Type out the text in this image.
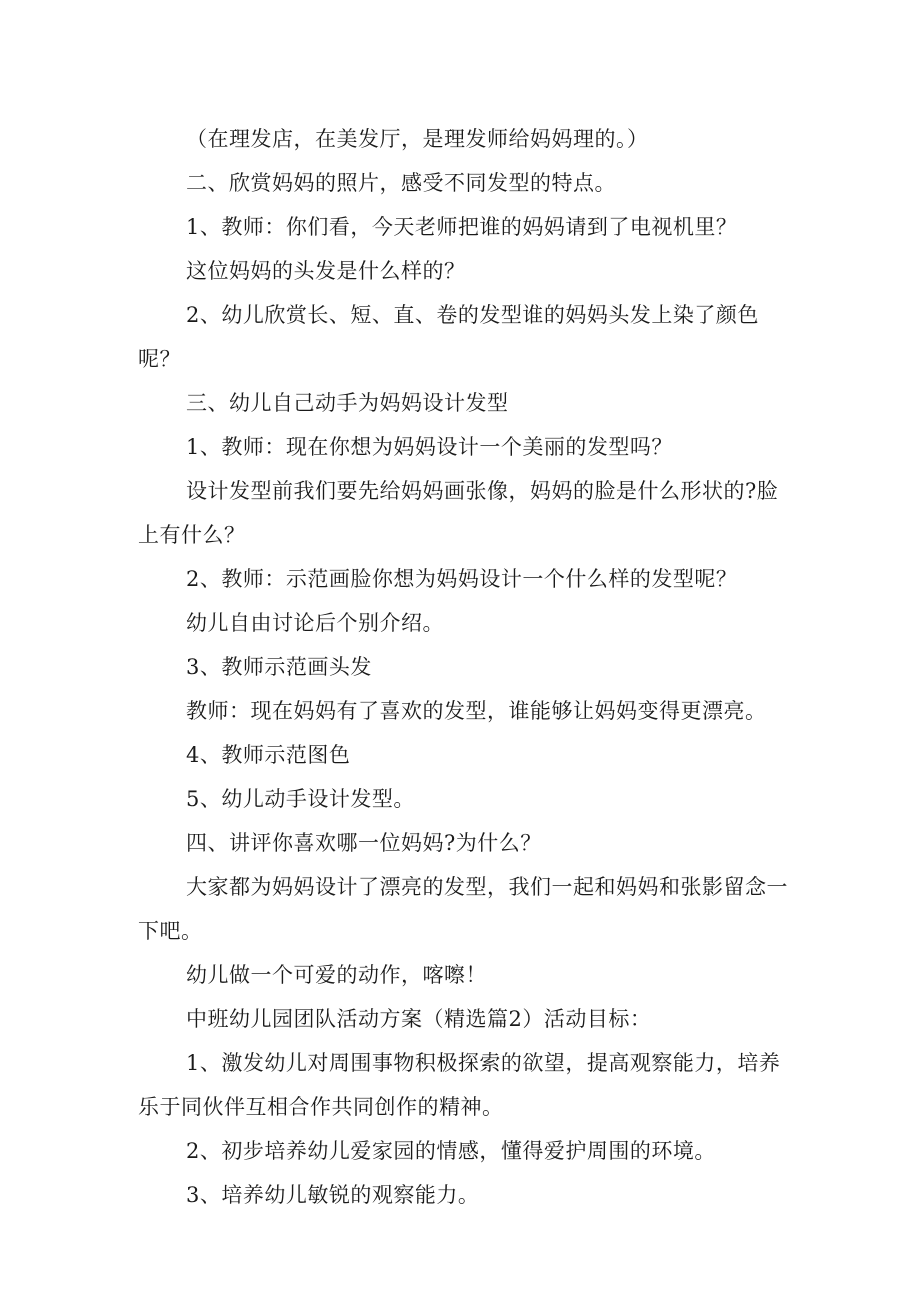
（在理发店，在美发厅，是理发师给妈妈理的。）

二、欣赏妈妈的照片，感受不同发型的特点。

1、教师：你们看，今天老师把谁的妈妈请到了电视机里？

这位妈妈的头发是什么样的？

2、幼儿欣赏长、短、直、卷的发型谁的妈妈头发上染了颜色呢？

三、幼儿自己动手为妈妈设计发型

1、教师：现在你想为妈妈设计一个美丽的发型吗？

设计发型前我们要先给妈妈画张像，妈妈的脸是什么形状的?脸上有什么？

2、教师：示范画脸你想为妈妈设计一个什么样的发型呢？

幼儿自由讨论后个别介绍。

3、教师示范画头发

教师：现在妈妈有了喜欢的发型，谁能够让妈妈变得更漂亮。

4、教师示范图色

5、幼儿动手设计发型。

四、讲评你喜欢哪一位妈妈?为什么？

大家都为妈妈设计了漂亮的发型，我们一起和妈妈和张影留念一下吧。

幼儿做一个可爱的动作，喀嚓！

中班幼儿园团队活动方案（精选篇2）活动目标：

1、激发幼儿对周围事物积极探索的欲望，提高观察能力，培养乐于同伙伴互相合作共同创作的精神。

2、初步培养幼儿爱家园的情感，懂得爱护周围的环境。

3、培养幼儿敏锐的观察能力。
